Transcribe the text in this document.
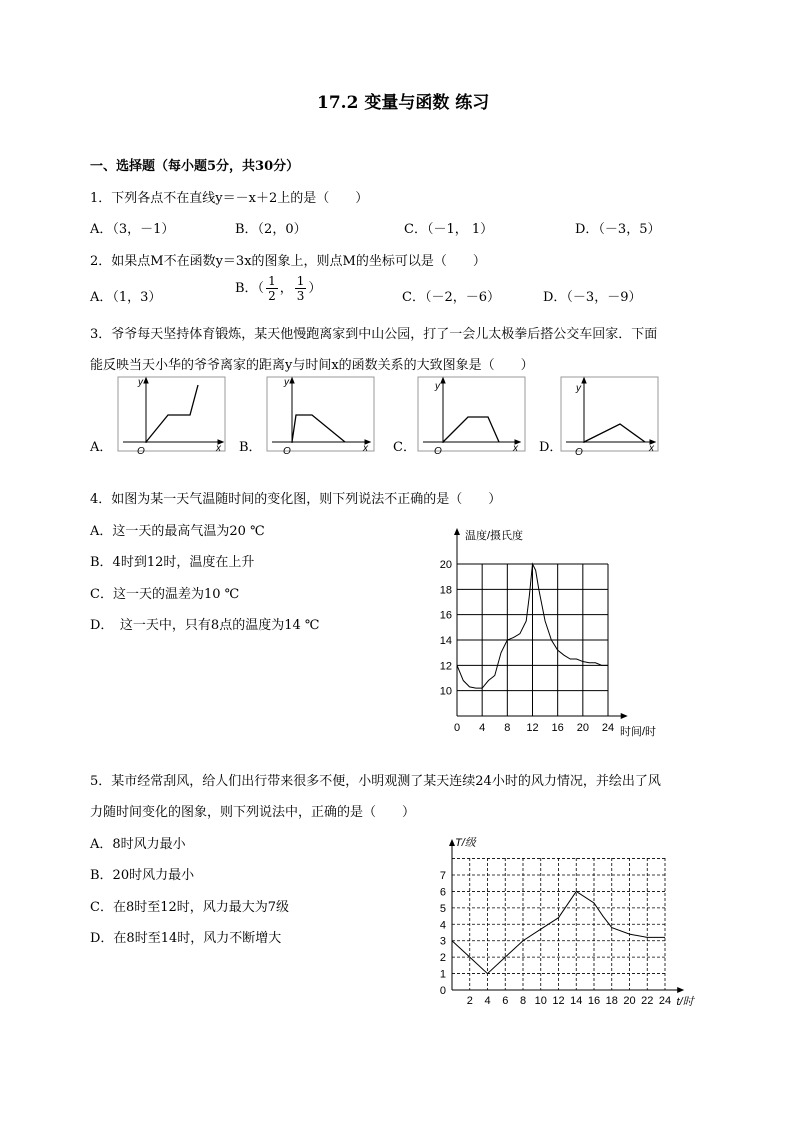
17.2 变量与函数 练习
一、选择题（每小题5分，共30分）
1．下列各点不在直线y＝－x＋2上的是（　　）
A．（3，－1）	B．（2，0）	C．（－1， 1）	D．（－3，5）
2．如果点M不在函数y＝3x的图象上，则点M的坐标可以是（　　）
A．（1，3）
B．（ $\frac{1}{2}$ ， $\frac{1}{3}$ ）
C．（－2，－6）	D．（－3，－9）
3．爷爷每天坚持体育锻炼，某天他慢跑离家到中山公园，打了一会儿太极拳后搭公交车回家．下面
能反映当天小华的爷爷离家的距离y与时间x的函数关系的大致图象是（　　）
y
x
O
y
x
O
y
x
O
y
x
O
A．	B．	C．	D．
4．如图为某一天气温随时间的变化图，则下列说法不正确的是（　　）
A．这一天的最高气温为20 ℃
B．4时到12时，温度在上升
C．这一天的温差为10 ℃
D．　这一天中，只有8点的温度为14 ℃
10
12
14
16
18
20
0 4 8 12 16 20 24
温度/摄氏度
时间/时
5．某市经常刮风，给人们出行带来很多不便，小明观测了某天连续24小时的风力情况，并绘出了风
力随时间变化的图象，则下列说法中，正确的是（　　）
A．8时风力最小
B．20时风力最小
C．在8时至12时，风力最大为7级
D．在8时至14时，风力不断增大
0
1
2
3
4
5
6
7
2 4 6 8 10 12 14 16 18 20 22 24
T/级
t/时
